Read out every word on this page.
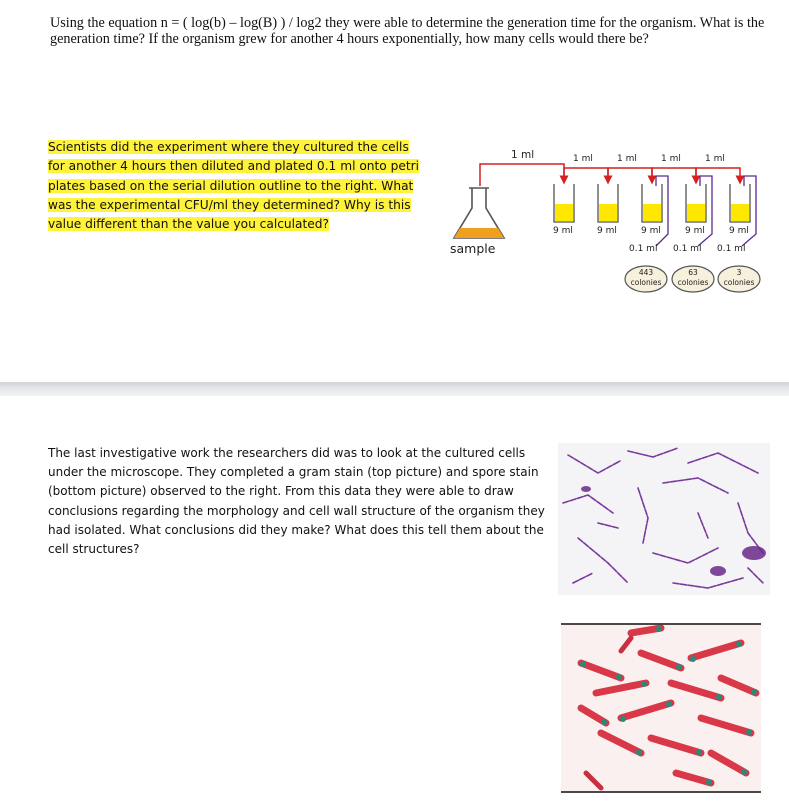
Using the equation n = ( log(b) – log(B) ) / log2 they were able to determine the generation time for the organism. What is the generation time? If the organism grew for another 4 hours exponentially, how many cells would there be?
Scientists did the experiment where they cultured the cells for another 4 hours then diluted and plated 0.1 ml onto petri plates based on the serial dilution outline to the right. What was the experimental CFU/ml they determined? Why is this value different than the value you calculated?
sample
1 ml	1 ml	1 ml	1 ml	1 ml
9 ml	9 ml	9 ml	9 ml	9 ml
0.1 ml 0.1 ml 0.1 ml
443
colonies
63
colonies
3
colonies
The last investigative work the researchers did was to look at the cultured cells under the microscope. They completed a gram stain (top picture) and spore stain (bottom picture) observed to the right. From this data they were able to draw conclusions regarding the morphology and cell wall structure of the organism they had isolated. What conclusions did they make? What does this tell them about the cell structures?
